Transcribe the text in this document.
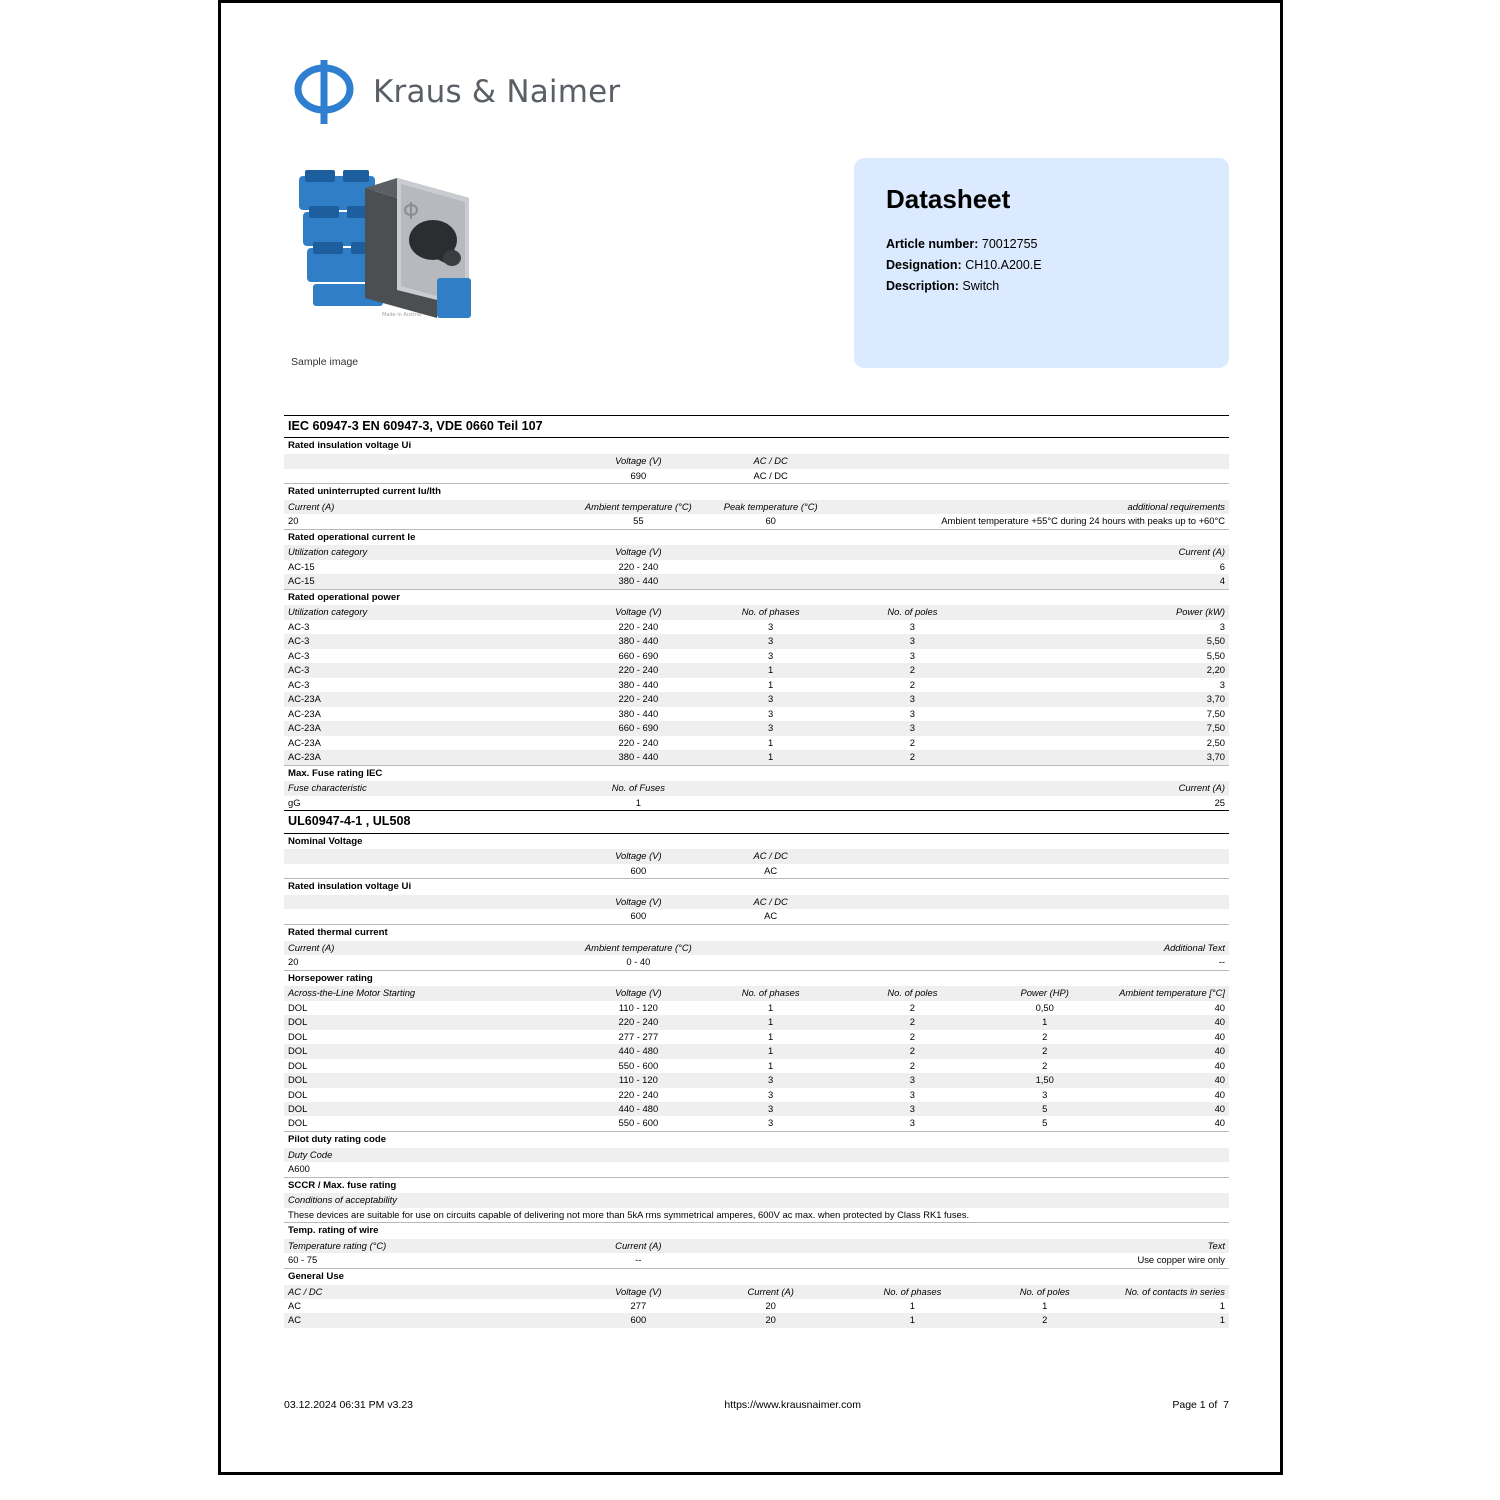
Kraus & Naimer
Made in Austria
Sample image
Datasheet
Article number: 70012755
Designation: CH10.A200.E
Description: Switch
IEC 60947-3 EN 60947-3, VDE 0660 Teil 107					
Rated insulation voltage Ui					
	Voltage (V)	AC / DC			
	690	AC / DC			
Rated uninterrupted current Iu/Ith					
Current (A)	Ambient temperature (°C)	Peak temperature (°C)	additional requirements		
20	55	60	Ambient temperature +55°C during 24 hours with peaks up to +60°C		
Rated operational current Ie					
Utilization category	Voltage (V)	Current (A)			
AC-15	220 - 240	6			
AC-15	380 - 440	4			
Rated operational power					
Utilization category	Voltage (V)	No. of phases	No. of poles	Power (kW)	
AC-3	220 - 240	3	3	3	
AC-3	380 - 440	3	3	5,50	
AC-3	660 - 690	3	3	5,50	
AC-3	220 - 240	1	2	2,20	
AC-3	380 - 440	1	2	3	
AC-23A	220 - 240	3	3	3,70	
AC-23A	380 - 440	3	3	7,50	
AC-23A	660 - 690	3	3	7,50	
AC-23A	220 - 240	1	2	2,50	
AC-23A	380 - 440	1	2	3,70	
Max. Fuse rating IEC					
Fuse characteristic	No. of Fuses	Current (A)			
gG	1	25			
UL60947-4-1 , UL508					
Nominal Voltage					
	Voltage (V)	AC / DC			
	600	AC			
Rated insulation voltage Ui					
	Voltage (V)	AC / DC			
	600	AC			
Rated thermal current					
Current (A)	Ambient temperature (°C)	Additional Text			
20	0 - 40	--			
Horsepower rating					
Across-the-Line Motor Starting	Voltage (V)	No. of phases	No. of poles	Power (HP)	Ambient temperature [°C]
DOL	110 - 120	1	2	0,50	40
DOL	220 - 240	1	2	1	40
DOL	277 - 277	1	2	2	40
DOL	440 - 480	1	2	2	40
DOL	550 - 600	1	2	2	40
DOL	110 - 120	3	3	1,50	40
DOL	220 - 240	3	3	3	40
DOL	440 - 480	3	3	5	40
DOL	550 - 600	3	3	5	40
Pilot duty rating code					
Duty Code					
A600					
SCCR / Max. fuse rating					
Conditions of acceptability					
These devices are suitable for use on circuits capable of delivering not more than 5kA rms symmetrical amperes, 600V ac max. when protected by Class RK1 fuses.					
Temp. rating of wire					
Temperature rating (°C)	Current (A)	Text			
60 - 75	--	Use copper wire only			
General Use					
AC / DC	Voltage (V)	Current (A)	No. of phases	No. of poles	No. of contacts in series
AC	277	20	1	1	1
AC	600	20	1	2	1
03.12.2024 06:31 PM v3.23	https://www.krausnaimer.com	Page 1 of  7
